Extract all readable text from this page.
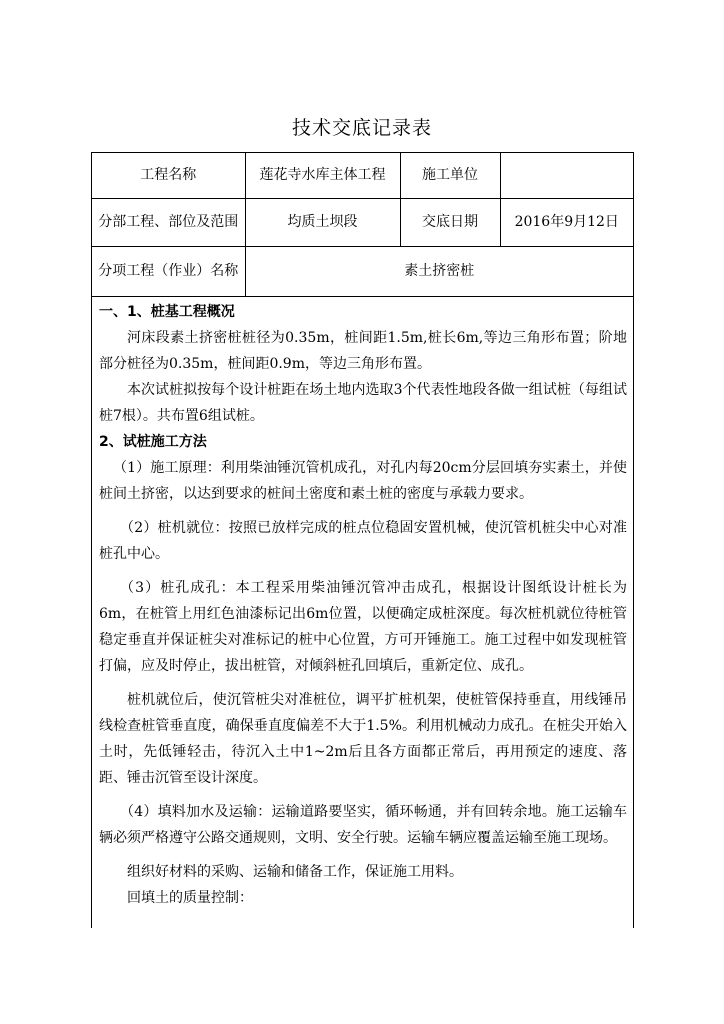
技术交底记录表
工程名称	莲花寺水库主体工程	施工单位	
分部工程、部位及范围	均质土坝段	交底日期	2016年9月12日
分项工程（作业）名称	素土挤密桩		

一、1、桩基工程概况

河床段素土挤密桩桩径为0.35m，桩间距1.5m,桩长6m,等边三角形布置；阶地部分桩径为0.35m，桩间距0.9m，等边三角形布置。

本次试桩拟按每个设计桩距在场土地内选取3个代表性地段各做一组试桩（每组试桩7根）。共布置6组试桩。

2、试桩施工方法

（1）施工原理：利用柴油锤沉管机成孔，对孔内每20cm分层回填夯实素土，并使桩间土挤密，以达到要求的桩间土密度和素土桩的密度与承载力要求。

（2）桩机就位：按照已放样完成的桩点位稳固安置机械，使沉管机桩尖中心对准桩孔中心。

（3）桩孔成孔：本工程采用柴油锤沉管冲击成孔，根据设计图纸设计桩长为6m，在桩管上用红色油漆标记出6m位置，以便确定成桩深度。每次桩机就位待桩管稳定垂直并保证桩尖对准标记的桩中心位置，方可开锤施工。施工过程中如发现桩管打偏，应及时停止，拔出桩管，对倾斜桩孔回填后，重新定位、成孔。

桩机就位后，使沉管桩尖对准桩位，调平扩桩机架，使桩管保持垂直，用线锤吊线检查桩管垂直度，确保垂直度偏差不大于1.5%。利用机械动力成孔。在桩尖开始入土时，先低锤轻击，待沉入土中1~2m后且各方面都正常后，再用预定的速度、落距、锤击沉管至设计深度。

（4）填料加水及运输：运输道路要坚实，循环畅通，并有回转余地。施工运输车辆必须严格遵守公路交通规则，文明、安全行驶。运输车辆应覆盖运输至施工现场。

组织好材料的采购、运输和储备工作，保证施工用料。

回填土的质量控制：
